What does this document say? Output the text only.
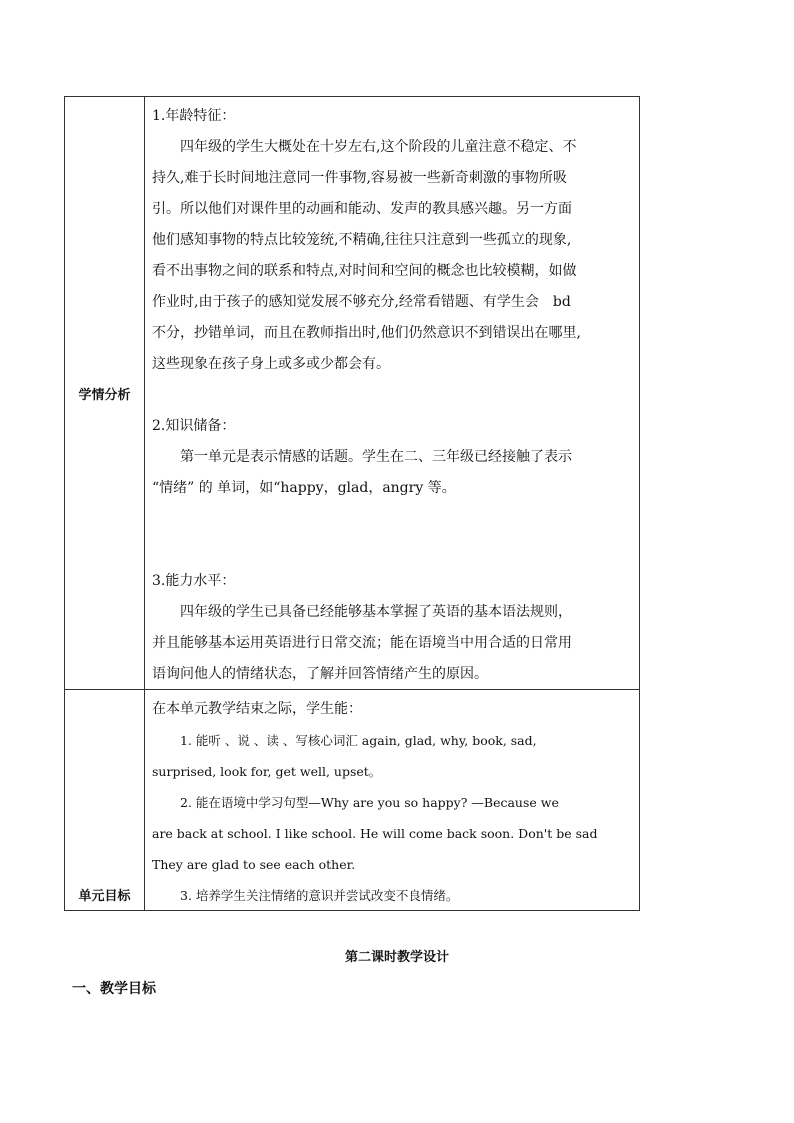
学情分析

1.年龄特征：

四年级的学生大概处在十岁左右,这个阶段的儿童注意不稳定、不

持久,难于长时间地注意同一件事物,容易被一些新奇刺激的事物所吸

引。所以他们对课件里的动画和能动、发声的教具感兴趣。另一方面

他们感知事物的特点比较笼统,不精确,往往只注意到一些孤立的现象,

看不出事物之间的联系和特点,对时间和空间的概念也比较模糊，如做

作业时,由于孩子的感知觉发展不够充分,经常看错题、有学生会　bd

不分，抄错单词，而且在教师指出时,他们仍然意识不到错误出在哪里,

这些现象在孩子身上或多或少都会有。

2.知识储备：

第一单元是表示情感的话题。学生在二、三年级已经接触了表示

“情绪” 的 单词，如“happy，glad，angry 等。

3.能力水平：

四年级的学生已具备已经能够基本掌握了英语的基本语法规则，

并且能够基本运用英语进行日常交流；能在语境当中用合适的日常用

语询问他人的情绪状态，了解并回答情绪产生的原因。

单元目标

在本单元教学结束之际，学生能：

1. 能听 、说 、读 、写核心词汇 again, glad, why, book, sad,

surprised, look for, get well, upset。

2. 能在语境中学习句型—Why are you so happy? —Because we

are back at school. I like school. He will come back soon. Don't be sad

They are glad to see each other.

3. 培养学生关注情绪的意识并尝试改变不良情绪。

第二课时教学设计
一、教学目标
